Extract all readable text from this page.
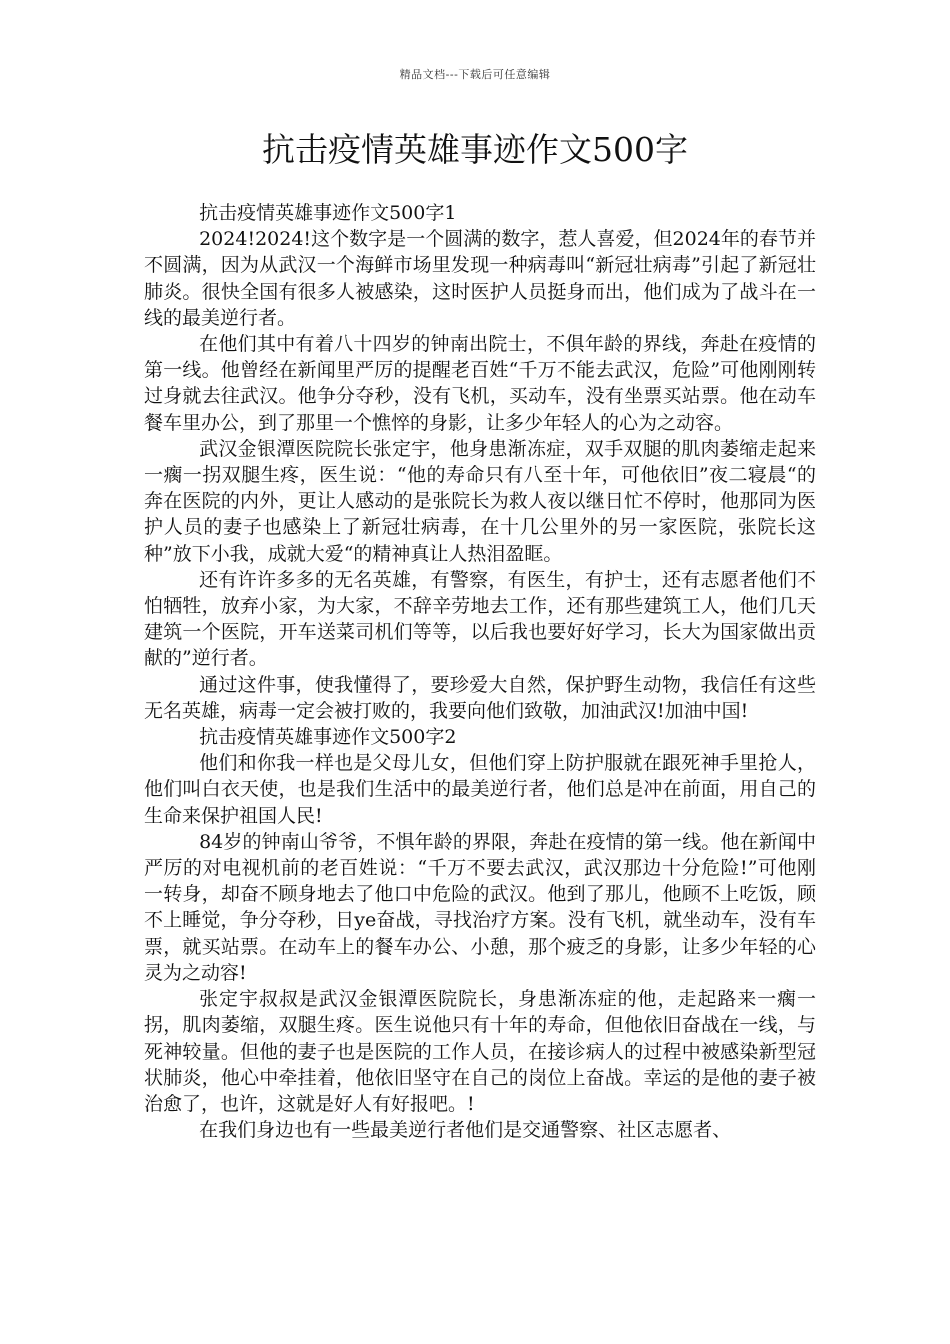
精品文档---下载后可任意编辑
抗击疫情英雄事迹作文500字

抗击疫情英雄事迹作文500字1

2024!2024!这个数字是一个圆满的数字，惹人喜爱，但2024年的春节并不圆满，因为从武汉一个海鲜市场里发现一种病毒叫“新冠壮病毒”引起了新冠壮肺炎。很快全国有很多人被感染，这时医护人员挺身而出，他们成为了战斗在一线的最美逆行者。

在他们其中有着八十四岁的钟南出院士，不俱年龄的界线，奔赴在疫情的第一线。他曾经在新闻里严厉的提醒老百姓“千万不能去武汉，危险”可他刚刚转过身就去往武汉。他争分夺秒，没有飞机，买动车，没有坐票买站票。他在动车餐车里办公，到了那里一个憔悴的身影，让多少年轻人的心为之动容。

武汉金银潭医院院长张定宇，他身患渐冻症，双手双腿的肌肉萎缩走起来一瘸一拐双腿生疼，医生说：“他的寿命只有八至十年，可他依旧”夜二寝晨“的奔在医院的内外，更让人感动的是张院长为救人夜以继日忙不停时，他那同为医护人员的妻子也感染上了新冠壮病毒，在十几公里外的另一家医院，张院长这种”放下小我，成就大爱“的精神真让人热泪盈眶。

还有许许多多的无名英雄，有警察，有医生，有护士，还有志愿者他们不怕牺牲，放弃小家，为大家，不辞辛劳地去工作，还有那些建筑工人，他们几天建筑一个医院，开车送菜司机们等等，以后我也要好好学习，长大为国家做出贡献的”逆行者。

通过这件事，使我懂得了，要珍爱大自然，保护野生动物，我信任有这些无名英雄，病毒一定会被打败的，我要向他们致敬，加油武汉!加油中国!

抗击疫情英雄事迹作文500字2

他们和你我一样也是父母儿女，但他们穿上防护服就在跟死神手里抢人，他们叫白衣天使，也是我们生活中的最美逆行者，他们总是冲在前面，用自己的生命来保护祖国人民!

84岁的钟南山爷爷，不惧年龄的界限，奔赴在疫情的第一线。他在新闻中严厉的对电视机前的老百姓说：“千万不要去武汉，武汉那边十分危险!”可他刚一转身，却奋不顾身地去了他口中危险的武汉。他到了那儿，他顾不上吃饭，顾不上睡觉，争分夺秒，日ye奋战，寻找治疗方案。没有飞机，就坐动车，没有车票，就买站票。在动车上的餐车办公、小憩，那个疲乏的身影，让多少年轻的心灵为之动容!

张定宇叔叔是武汉金银潭医院院长，身患渐冻症的他，走起路来一瘸一拐，肌肉萎缩，双腿生疼。医生说他只有十年的寿命，但他依旧奋战在一线，与死神较量。但他的妻子也是医院的工作人员，在接诊病人的过程中被感染新型冠状肺炎，他心中牵挂着，他依旧坚守在自己的岗位上奋战。幸运的是他的妻子被治愈了，也许，这就是好人有好报吧。!

在我们身边也有一些最美逆行者他们是交通警察、社区志愿者、
